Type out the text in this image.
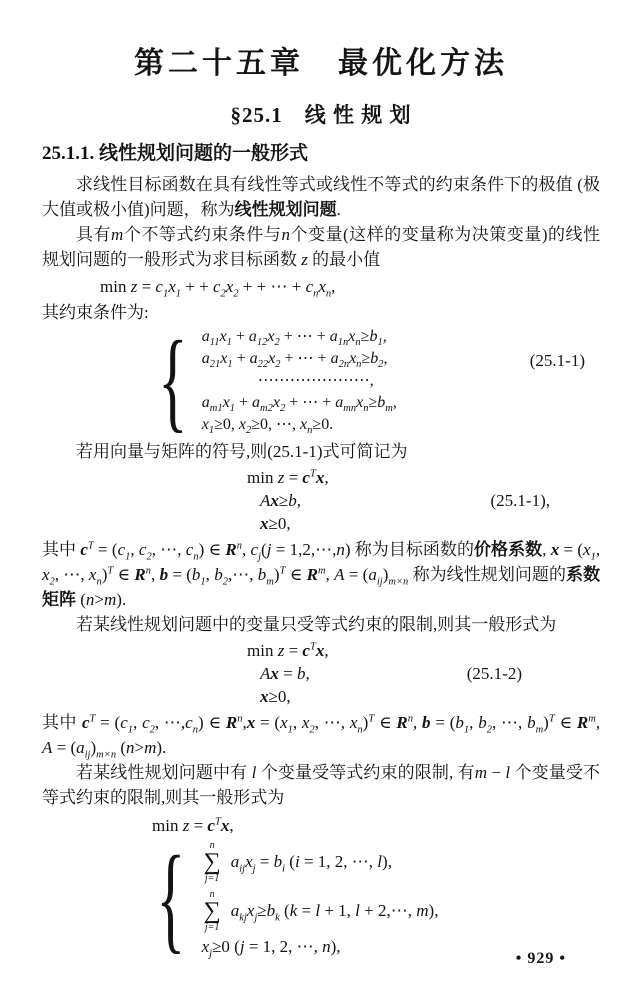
第二十五章　最优化方法
§25.1　线 性 规 划
25.1.1. 线性规划问题的一般形式

求线性目标函数在具有线性等式或线性不等式的约束条件下的极值 (极大值或极小值)问题，称为线性规划问题.

具有m个不等式约束条件与n个变量(这样的变量称为决策变量)的线性规划问题的一般形式为求目标函数 z 的最小值

$\min z = c_1x_1$ + + $c_2x_2$ + + ⋯ + $c_nx_n$,

其约束条件为:

{ $a_{11}x_1 + a_{12}x_2$ + ⋯ + $a_{1n}x_n\ge b_1$,
$a_{21}x_1 + a_{22}x_2$ + ⋯ + $a_{2n}x_n\ge b_2$,
⋯⋯⋯⋯⋯⋯⋯,
$a_{m1}x_1 + a_{m2}x_2$ + ⋯ + $a_{mn}x_n\ge b_m$,
$x_1\ge 0$, $x_2\ge 0$, ⋯, $x_n\ge 0$.
(25.1-1)

若用向量与矩阵的符号,则(25.1-1)式可简记为

$\min z = c^Tx$,
Ax≥b,
x≥0,
(25.1-1),

其中 $c^T = (c_1$, $c_2$, ⋯, $c_n$) ∈ $R^n$, $c_j(j$ = 1,2,⋯,n) 称为目标函数的价格系数, $x = (x_1$, $x_2$, ⋯, $x_n)^T$ ∈ $R^n$, $b = (b_1$, $b_2,\cdots$, $b_m)^T$ ∈ $R^m$, $A = (a_{ij})_{m\times n}$ 称为线性规划问题的系数矩阵 (n>m).

若某线性规划问题中的变量只受等式约束的限制,则其一般形式为

$\min z = c^Tx$,
Ax = b,
x≥0,
(25.1-2)

其中 $c^T = (c_1$, $c_2$, $\cdots,c_n$) ∈ $R^n,x = (x_1$, $x_2$, ⋯, $x_n)^T$ ∈ $R^n$, $b = (b_1$, $b_2$, ⋯, $b_m)^T$ ∈ $R^m$, $A = (a_{ij})_{m\times n}$ (n>m).

若某线性规划问题中有 l 个变量受等式约束的限制, 有m − l 个变量受不等式约束的限制,则其一般形式为

$\min z = c^Tx$,
{ n
∑
j=1
$a_{ij}x_j = b_i$ (i = 1, 2, ⋯, l),
n
∑
j=1
$a_{kj}x_j\ge b_k$ (k = l + 1, l + 2,⋯, m),
$x_j\ge 0$ (j = 1, 2, ⋯, n),
• 929 •
